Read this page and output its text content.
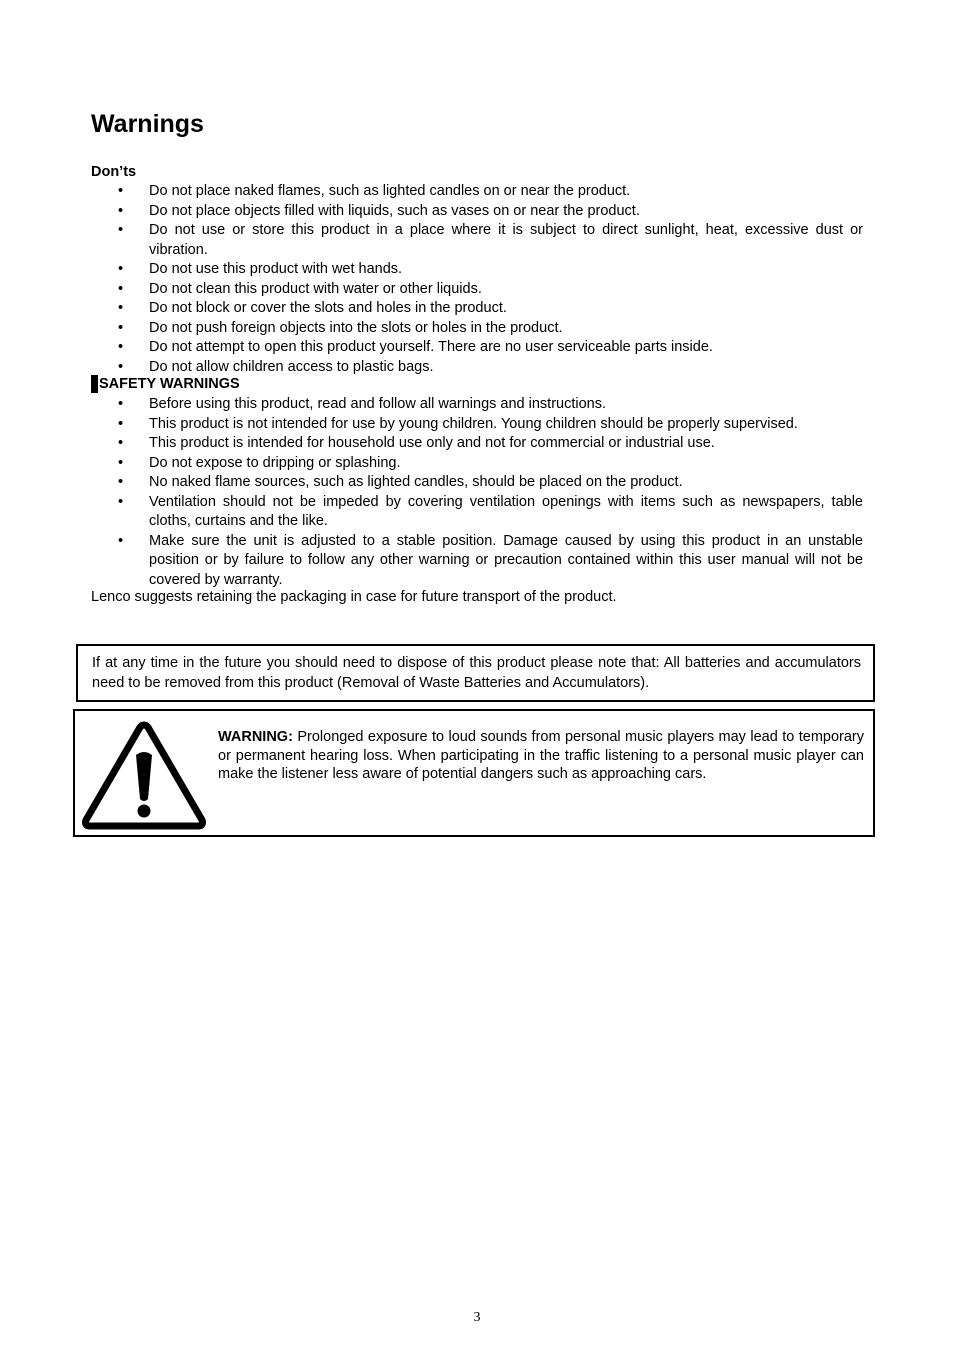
Warnings

Don’ts

• Do not place naked flames, such as lighted candles on or near the product.
• Do not place objects filled with liquids, such as vases on or near the product.
• Do not use or store this product in a place where it is subject to direct sunlight, heat, excessive dust or vibration.
• Do not use this product with wet hands.
• Do not clean this product with water or other liquids.
• Do not block or cover the slots and holes in the product.
• Do not push foreign objects into the slots or holes in the product.
• Do not attempt to open this product yourself. There are no user serviceable parts inside.
• Do not allow children access to plastic bags.

SAFETY WARNINGS

• Before using this product, read and follow all warnings and instructions.
• This product is not intended for use by young children. Young children should be properly supervised.
• This product is intended for household use only and not for commercial or industrial use.
• Do not expose to dripping or splashing.
• No naked flame sources, such as lighted candles, should be placed on the product.
• Ventilation should not be impeded by covering ventilation openings with items such as newspapers, table cloths, curtains and the like.
• Make sure the unit is adjusted to a stable position. Damage caused by using this product in an unstable position or by failure to follow any other warning or precaution contained within this user manual will not be covered by warranty.

Lenco suggests retaining the packaging in case for future transport of the product.

If at any time in the future you should need to dispose of this product please note that: All batteries and accumulators need to be removed from this product (Removal of Waste Batteries and Accumulators).

WARNING: Prolonged exposure to loud sounds from personal music players may lead to temporary or permanent hearing loss. When participating in the traffic listening to a personal music player can make the listener less aware of potential dangers such as approaching cars.

3
